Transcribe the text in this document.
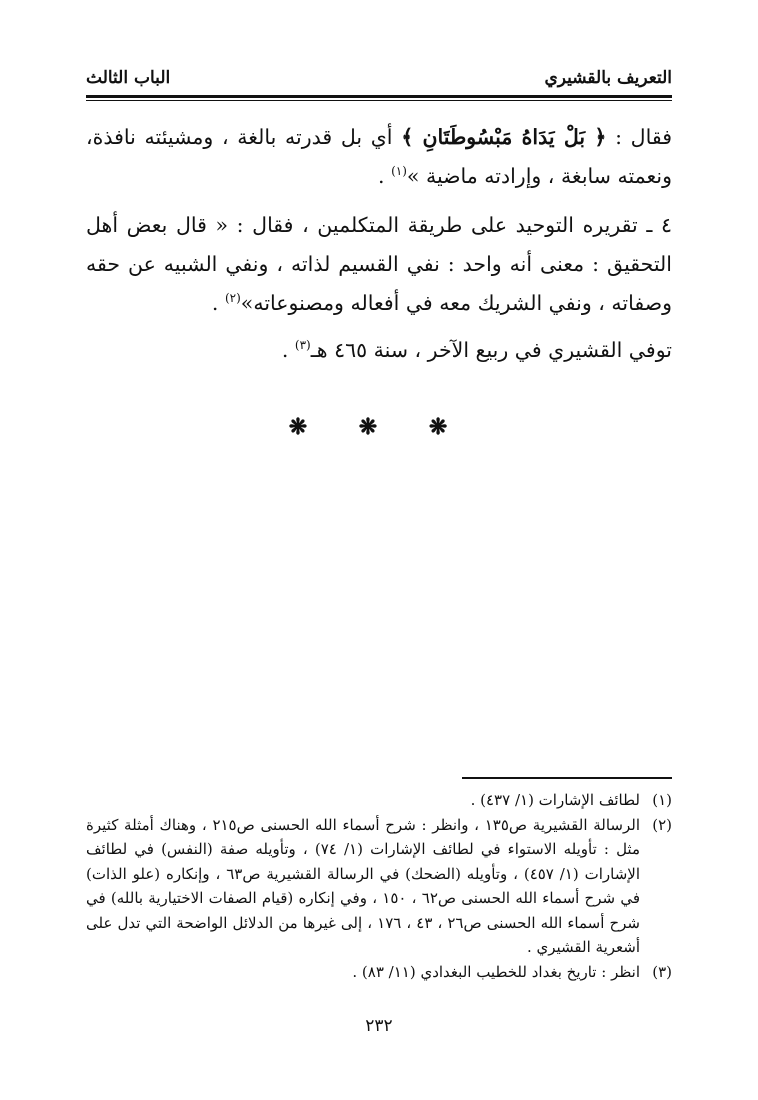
التعريف بالقشيري
الباب الثالث

فقال : ﴿ بَلْ يَدَاهُ مَبْسُوطَتَانِ ﴾ أي بل قدرته بالغة ، ومشيئته نافذة، ونعمته سابغة ، وإرادته ماضية »$^{(١)}$ .

٤ ـ تقريره التوحيد على طريقة المتكلمين ، فقال : « قال بعض أهل التحقيق : معنى أنه واحد : نفي القسيم لذاته ، ونفي الشبيه عن حقه وصفاته ، ونفي الشريك معه في أفعاله ومصنوعاته»$^{(٢)}$ .

توفي القشيري في ربيع الآخر ، سنة ٤٦٥ هـ$^{(٣)}$ .

❋ ❋ ❋
(١)
لطائف الإشارات (١/ ٤٣٧) .
(٢)
الرسالة القشيرية ص١٣٥ ، وانظر : شرح أسماء الله الحسنى ص٢١٥ ، وهناك أمثلة كثيرة مثل : تأويله الاستواء في لطائف الإشارات (١/ ٧٤) ، وتأويله صفة (النفس) في لطائف الإشارات (١/ ٤٥٧) ، وتأويله (الضحك) في الرسالة القشيرية ص٦٣ ، وإنكاره (علو الذات) في شرح أسماء الله الحسنى ص٦٢ ، ١٥٠ ، وفي إنكاره (قيام الصفات الاختيارية بالله) في شرح أسماء الله الحسنى ص٢٦ ، ٤٣ ، ١٧٦ ، إلى غيرها من الدلائل الواضحة التي تدل على أشعرية القشيري .
(٣)
انظر : تاريخ بغداد للخطيب البغدادي (١١/ ٨٣) .
٢٣٢
